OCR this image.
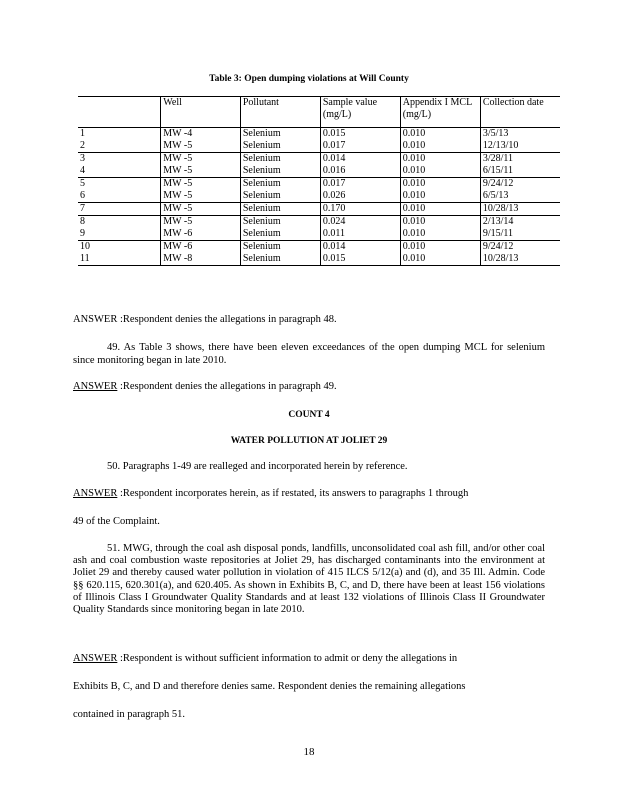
Table 3: Open dumping violations at Will County
	Well	Pollutant	Sample value (mg/L)	Appendix I MCL (mg/L)	Collection date
1	MW -4	Selenium	0.015	0.010	3/5/13
2	MW -5	Selenium	0.017	0.010	12/13/10
3	MW -5	Selenium	0.014	0.010	3/28/11
4	MW -5	Selenium	0.016	0.010	6/15/11
5	MW -5	Selenium	0.017	0.010	9/24/12
6	MW -5	Selenium	0.026	0.010	6/5/13
7	MW -5	Selenium	0.170	0.010	10/28/13
8	MW -5	Selenium	0.024	0.010	2/13/14
9	MW -6	Selenium	0.011	0.010	9/15/11
10	MW -6	Selenium	0.014	0.010	9/24/12
11	MW -8	Selenium	0.015	0.010	10/28/13
ANSWER :Respondent denies the allegations in paragraph 48.
49. As Table 3 shows, there have been eleven exceedances of the open dumping MCL for selenium since monitoring began in late 2010.
ANSWER :Respondent denies the allegations in paragraph 49.
COUNT 4
WATER POLLUTION AT JOLIET 29
50. Paragraphs 1-49 are realleged and incorporated herein by reference.
ANSWER :Respondent incorporates herein, as if restated, its answers to paragraphs 1 through
49 of the Complaint.
51. MWG, through the coal ash disposal ponds, landfills, unconsolidated coal ash fill, and/or other coal ash and coal combustion waste repositories at Joliet 29, has discharged contaminants into the environment at Joliet 29 and thereby caused water pollution in violation of 415 ILCS 5/12(a) and (d), and 35 Ill. Admin. Code §§ 620.115, 620.301(a), and 620.405. As shown in Exhibits B, C, and D, there have been at least 156 violations of Illinois Class I Groundwater Quality Standards and at least 132 violations of Illinois Class II Groundwater Quality Standards since monitoring began in late 2010.
ANSWER :Respondent is without sufficient information to admit or deny the allegations in
Exhibits B, C, and D and therefore denies same. Respondent denies the remaining allegations
contained in paragraph 51.
18
